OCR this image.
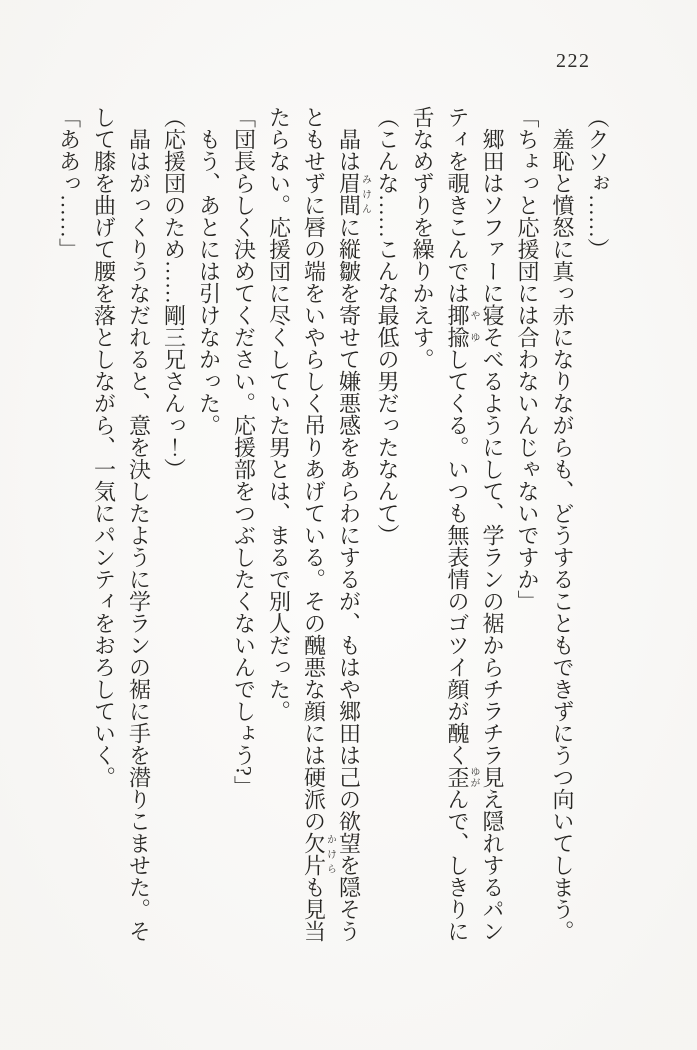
222

（クソぉ……）

羞恥と憤怒に真っ赤になりながらも、どうすることもできずにうつ向いてしまう。

「ちょっと応援団には合わないんじゃないですか」

郷田はソファーに寝そべるようにして、学ランの裾からチラチラ見え隠れするパンティを覗きこんでは揶揄やゆしてくる。いつも無表情のゴツイ顔が醜く歪ゆがんで、しきりに舌なめずりを繰りかえす。

（こんな……こんな最低の男だったなんて）

晶は眉間みけんに縦皺を寄せて嫌悪感をあらわにするが、もはや郷田は己の欲望を隠そうともせずに唇の端をいやらしく吊りあげている。その醜悪な顔には硬派の欠片かけらも見当たらない。応援団に尽くしていた男とは、まるで別人だった。

「団長らしく決めてください。応援部をつぶしたくないんでしょう?」

もう、あとには引けなかった。

（応援団のため……剛三兄さんっ！）

晶はがっくりうなだれると、意を決したように学ランの裾に手を潜りこませた。そして膝を曲げて腰を落としながら、一気にパンティをおろしていく。

「ああっ……」
